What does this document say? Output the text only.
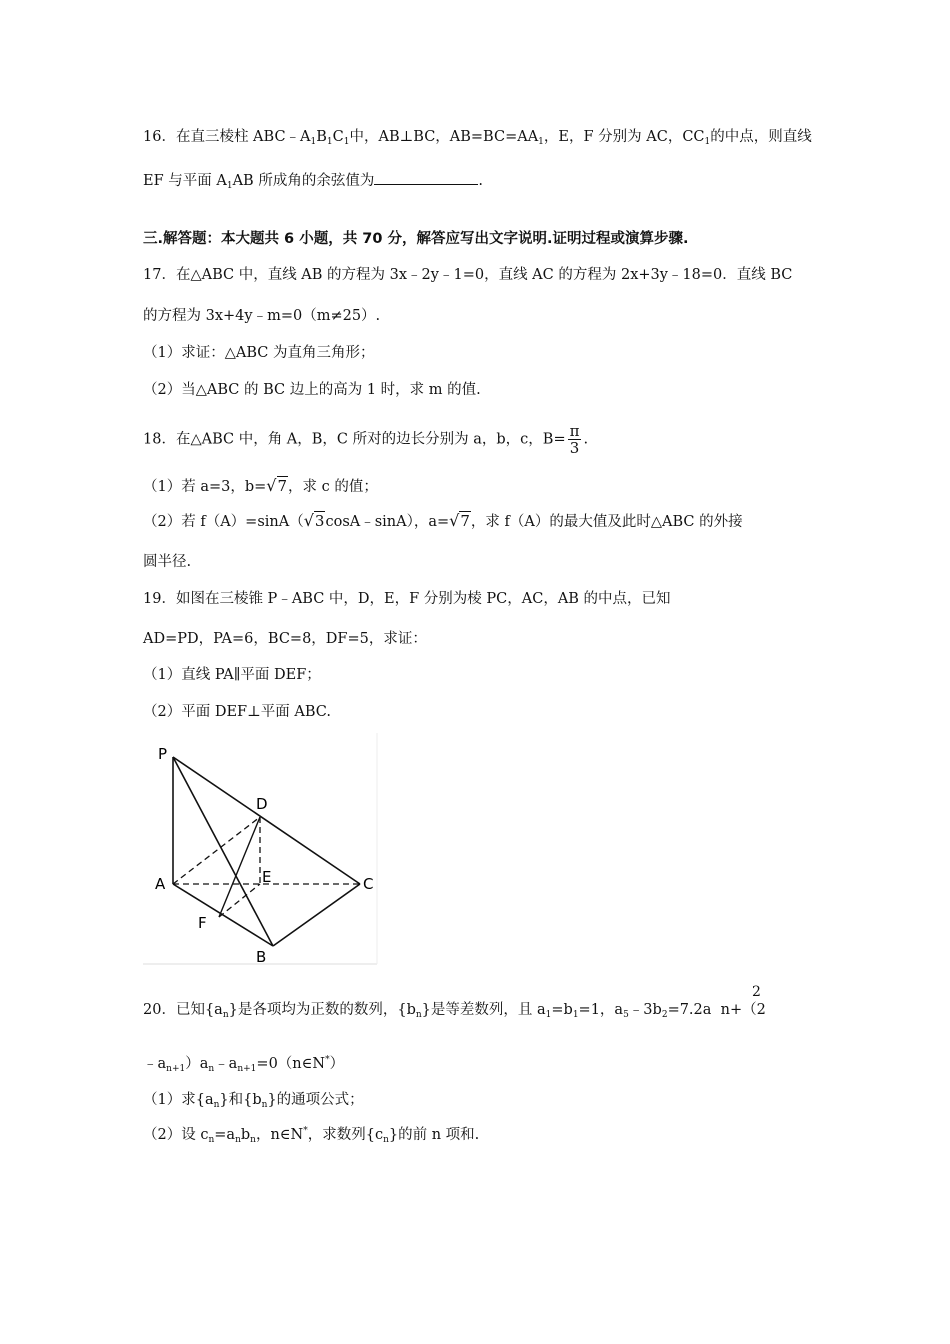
16．在直三棱柱 $ABC﹣A_1B_1C_1$中，AB⊥BC，$AB=BC=AA_1$，E，F 分别为 AC，$CC_1$的中点，则直线
EF 与平面 $A_1AB$ 所成角的余弦值为	.
三.解答题：本大题共 6 小题，共 70 分，解答应写出文字说明.证明过程或演算步骤.
17．在△ABC 中，直线 AB 的方程为 3x﹣2y﹣1=0，直线 AC 的方程为 2x+3y﹣18=0．直线 BC
的方程为 3x+4y﹣m=0（m≠25）.
（1）求证：△ABC 为直角三角形；
（2）当△ABC 的 BC 边上的高为 1 时，求 m 的值.
18．在△ABC 中，角 A，B，C 所对的边长分别为 a，b，c，$B= \frac{\pi}{3}$ .
（1）若 a=3，b=√7，求 c 的值；
（2）若 f（A）=sinA（√3cosA﹣sinA），a=√7，求 f（A）的最大值及此时△ABC 的外接
圆半径.
19．如图在三棱锥 P﹣ABC 中，D，E，F 分别为棱 PC，AC，AB 的中点，已知
AD=PD，PA=6，BC=8，DF=5，求证：
（1）直线 PA∥平面 DEF；
（2）平面 DEF⊥平面 ABC.
P
D
A	E	C
F
B
2
20．已知$\{a_n\}$是各项均为正数的数列，$\{b_n\}$是等差数列，且 $a_1=b_1=1$，$a_5﹣3b_2=7.2a$ n+（2
$﹣a_{n+1})a_n﹣a_{n+1}=0(n\in N^*)$
（1）求$\{a_n\}$和$\{b_n\}$的通项公式；
（2）设 $c_n=a_nb_n$，n∈N*，求数列$\{c_n\}$的前 n 项和.
